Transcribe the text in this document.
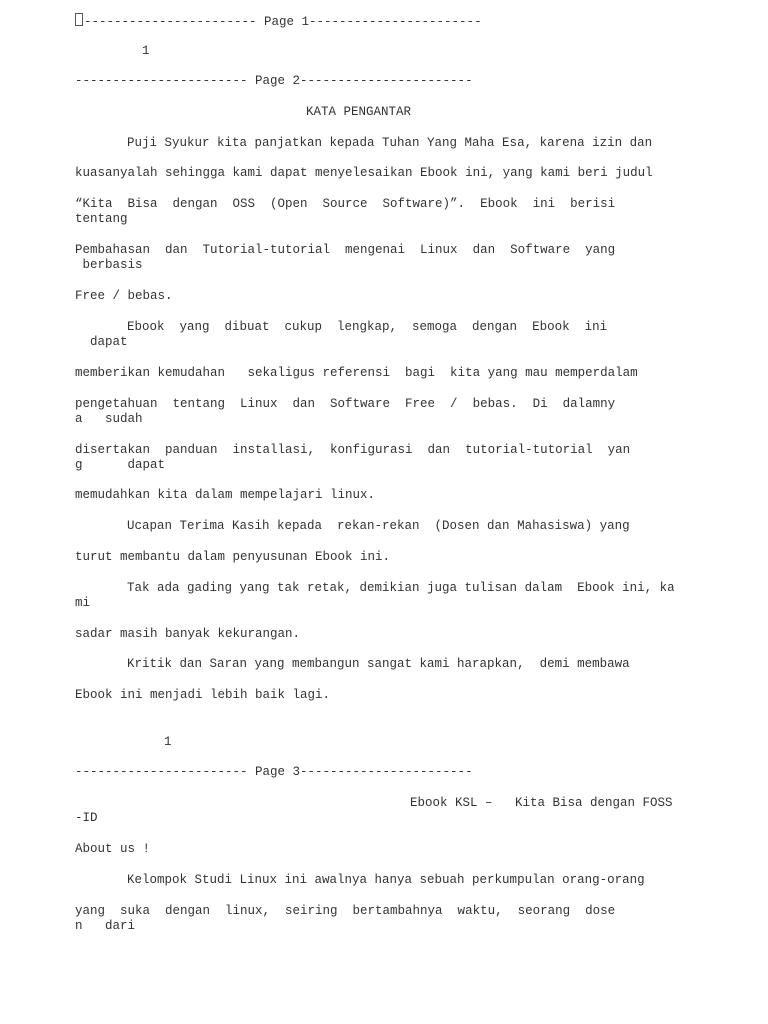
----------------------- Page 1-----------------------
1
----------------------- Page 2-----------------------
KATA PENGANTAR
Puji Syukur kita panjatkan kepada Tuhan Yang Maha Esa, karena izin dan
kuasanyalah sehingga kami dapat menyelesaikan Ebook ini, yang kami beri judul
“Kita  Bisa  dengan  OSS  (Open  Source  Software)”.  Ebook  ini  berisi
tentang
Pembahasan  dan  Tutorial-tutorial  mengenai  Linux  dan  Software  yang
berbasis
Free / bebas.
Ebook  yang  dibuat  cukup  lengkap,  semoga  dengan  Ebook  ini
dapat
memberikan kemudahan   sekaligus referensi  bagi  kita yang mau memperdalam
pengetahuan  tentang  Linux  dan  Software  Free  /  bebas.  Di  dalamny
a   sudah
disertakan  panduan  installasi,  konfigurasi  dan  tutorial-tutorial  yan
g      dapat
memudahkan kita dalam mempelajari linux.
Ucapan Terima Kasih kepada  rekan-rekan  (Dosen dan Mahasiswa) yang
turut membantu dalam penyusunan Ebook ini.
Tak ada gading yang tak retak, demikian juga tulisan dalam  Ebook ini, ka
mi
sadar masih banyak kekurangan.
Kritik dan Saran yang membangun sangat kami harapkan,  demi membawa
Ebook ini menjadi lebih baik lagi.
1
----------------------- Page 3-----------------------
Ebook KSL –   Kita Bisa dengan FOSS
-ID
About us !
Kelompok Studi Linux ini awalnya hanya sebuah perkumpulan orang-orang
yang  suka  dengan  linux,  seiring  bertambahnya  waktu,  seorang  dose
n   dari
